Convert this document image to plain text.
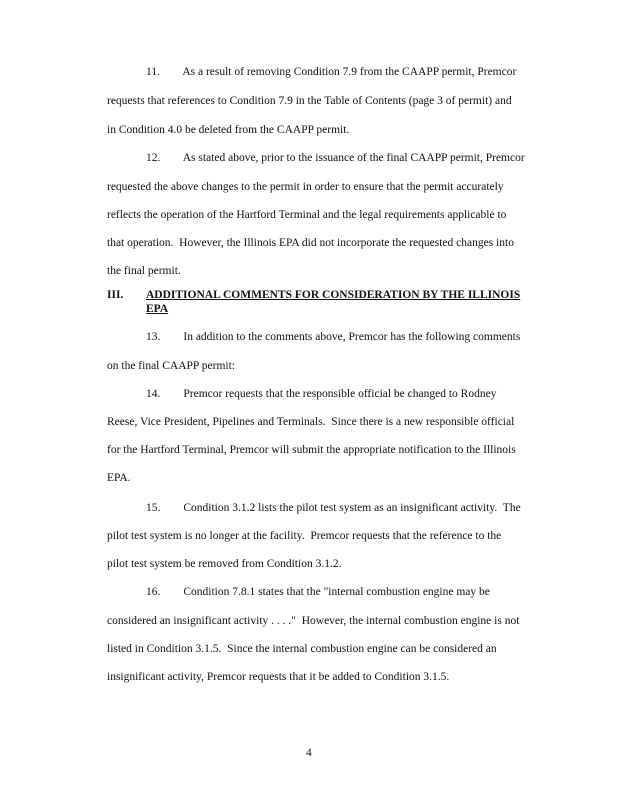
11.        As a result of removing Condition 7.9 from the CAAPP permit, Premcor
requests that references to Condition 7.9 in the Table of Contents (page 3 of permit) and
in Condition 4.0 be deleted from the CAAPP permit.
12.        As stated above, prior to the issuance of the final CAAPP permit, Premcor
requested the above changes to the permit in order to ensure that the permit accurately
reflects the operation of the Hartford Terminal and the legal requirements applicable to
that operation.  However, the Illinois EPA did not incorporate the requested changes into
the final permit.
III. ADDITIONAL COMMENTS FOR CONSIDERATION BY THE ILLINOIS
EPA
13.        In addition to the comments above, Premcor has the following comments
on the final CAAPP permit:
14.        Premcor requests that the responsible official be changed to Rodney
Reese, Vice President, Pipelines and Terminals.  Since there is a new responsible official
for the Hartford Terminal, Premcor will submit the appropriate notification to the Illinois
EPA.
15.        Condition 3.1.2 lists the pilot test system as an insignificant activity.  The
pilot test system is no longer at the facility.  Premcor requests that the reference to the
pilot test system be removed from Condition 3.1.2.
16.        Condition 7.8.1 states that the "internal combustion engine may be
considered an insignificant activity . . . ."  However, the internal combustion engine is not
listed in Condition 3.1.5.  Since the internal combustion engine can be considered an
insignificant activity, Premcor requests that it be added to Condition 3.1.5.
4
